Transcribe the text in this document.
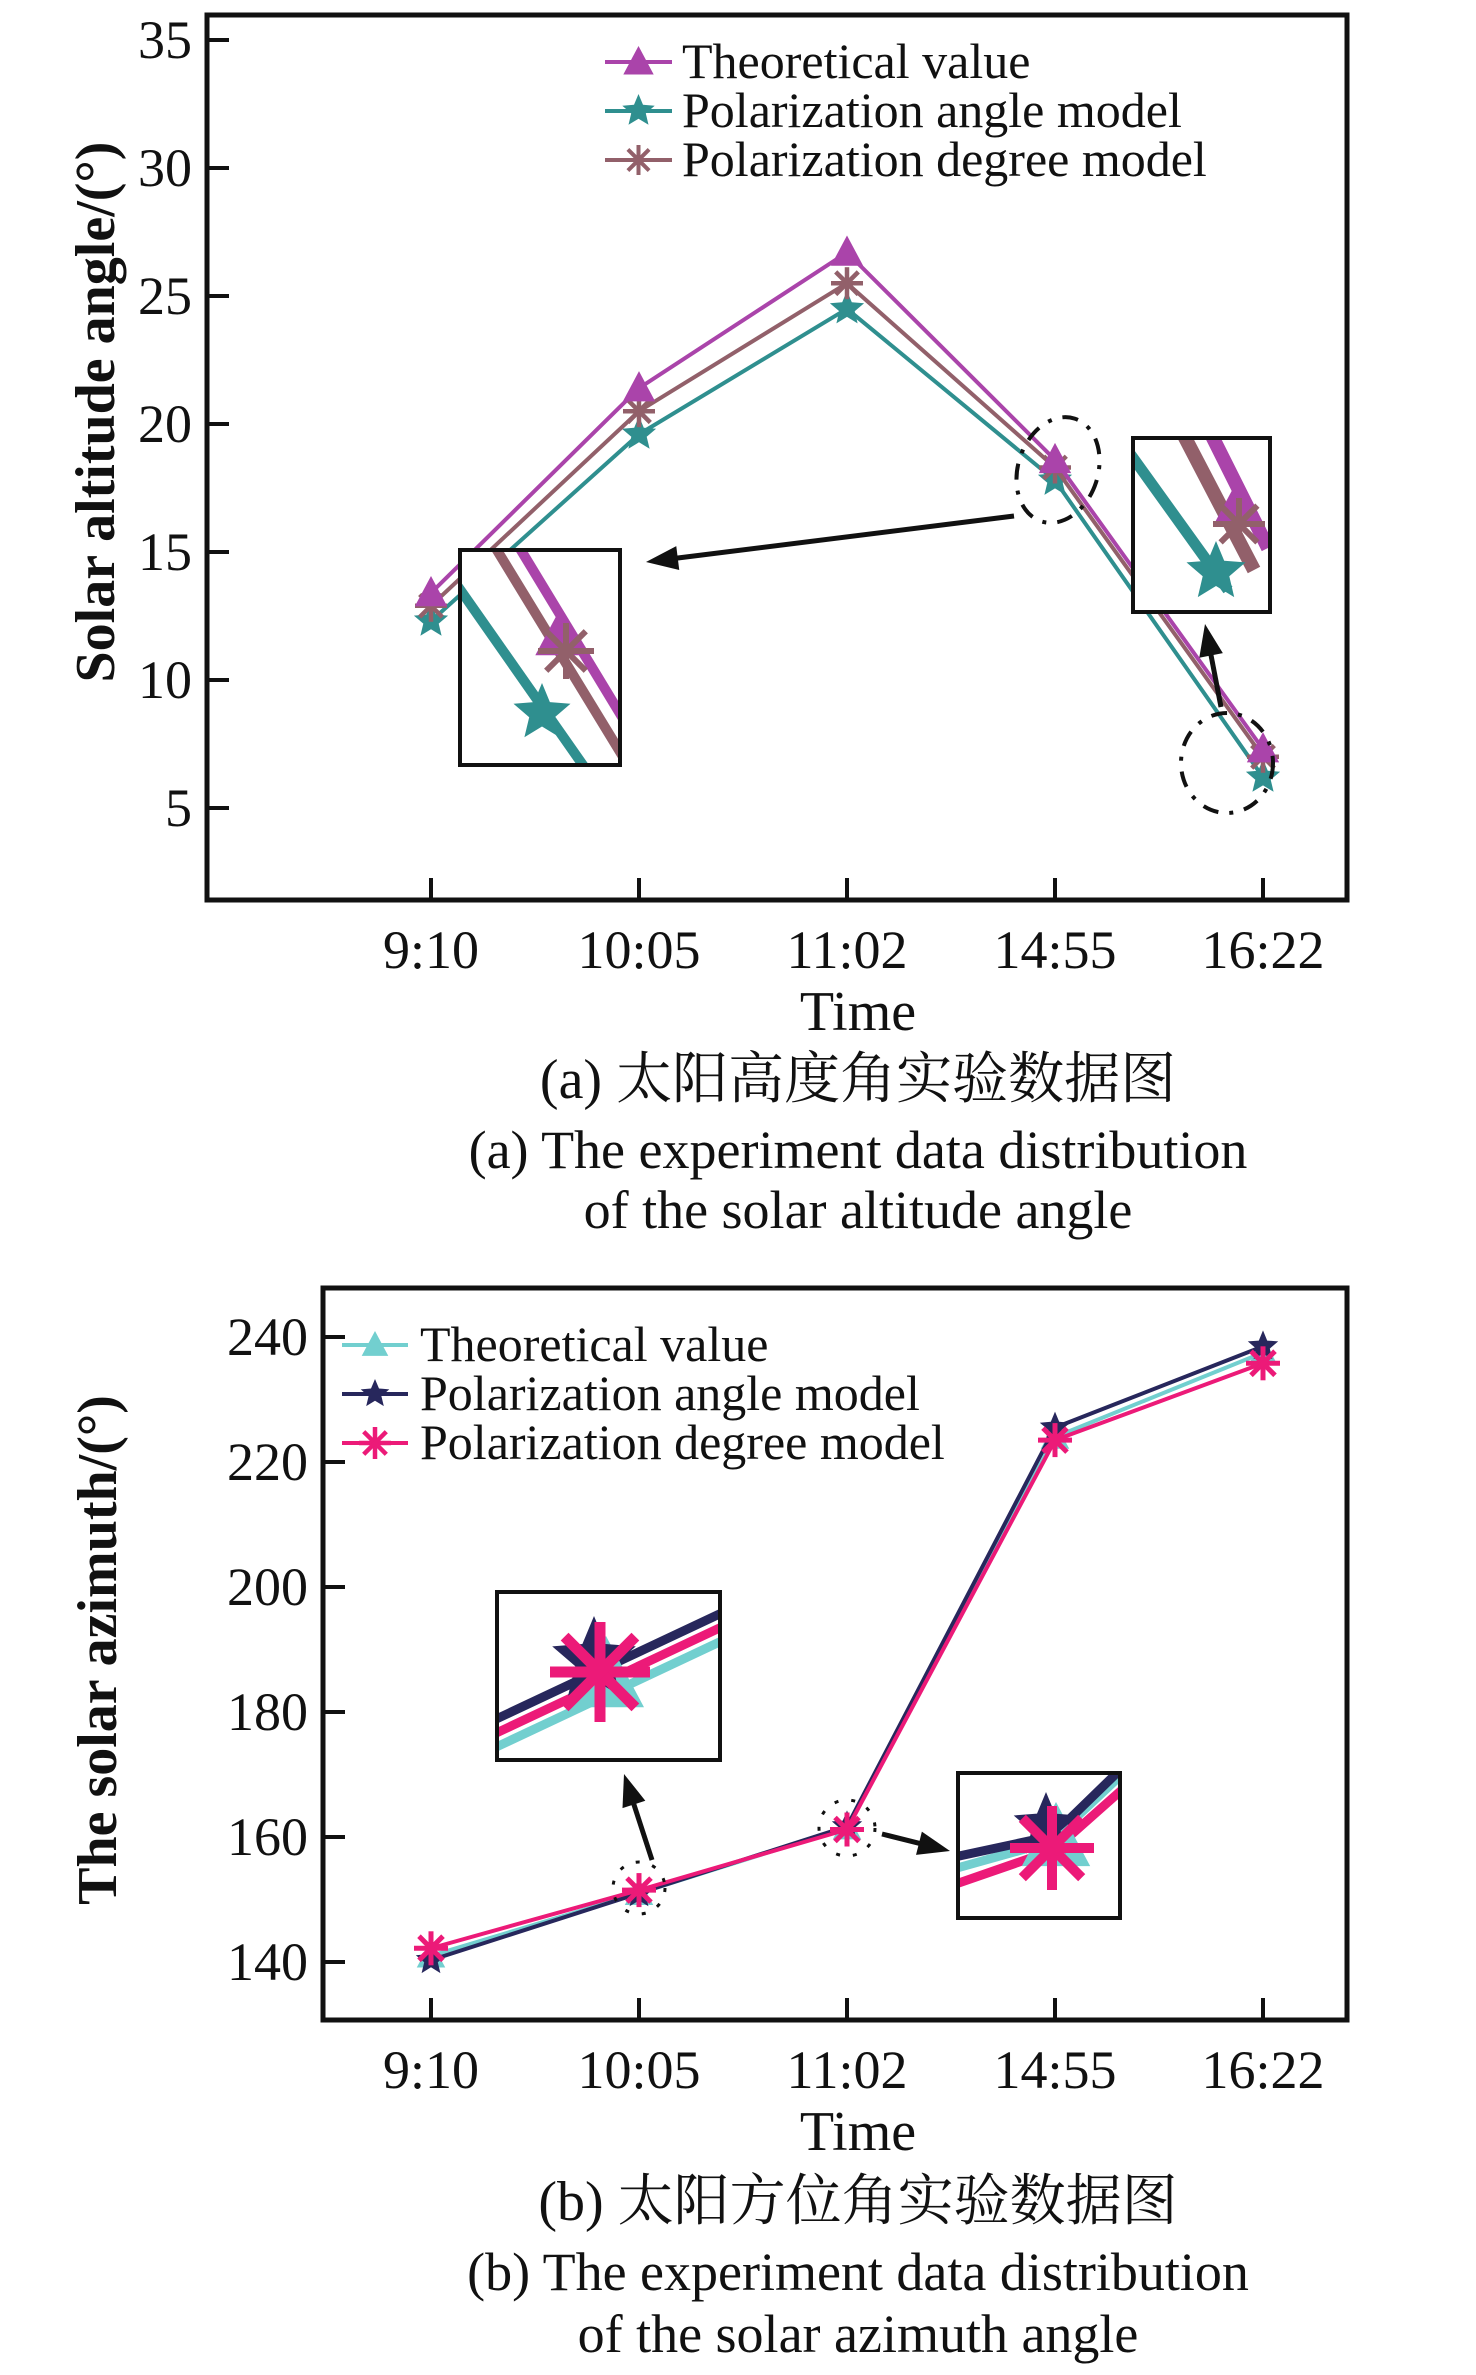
35
30
25
20
15
10
5
9:10 10:05 11:02 14:55 16:22
Theoretical value
Polarization angle model
Polarization degree model
240
220
200
180
160
140
9:10 10:05 11:02 14:55 16:22
Theoretical value
Polarization angle model
Polarization degree model
Solar altitude angle/(°)
The solar azimuth/(°)
Time
(a) 太阳高度角实验数据图
(a) The experiment data distribution
of the solar altitude angle
Time
(b) 太阳方位角实验数据图
(b) The experiment data distribution
of the solar azimuth angle
